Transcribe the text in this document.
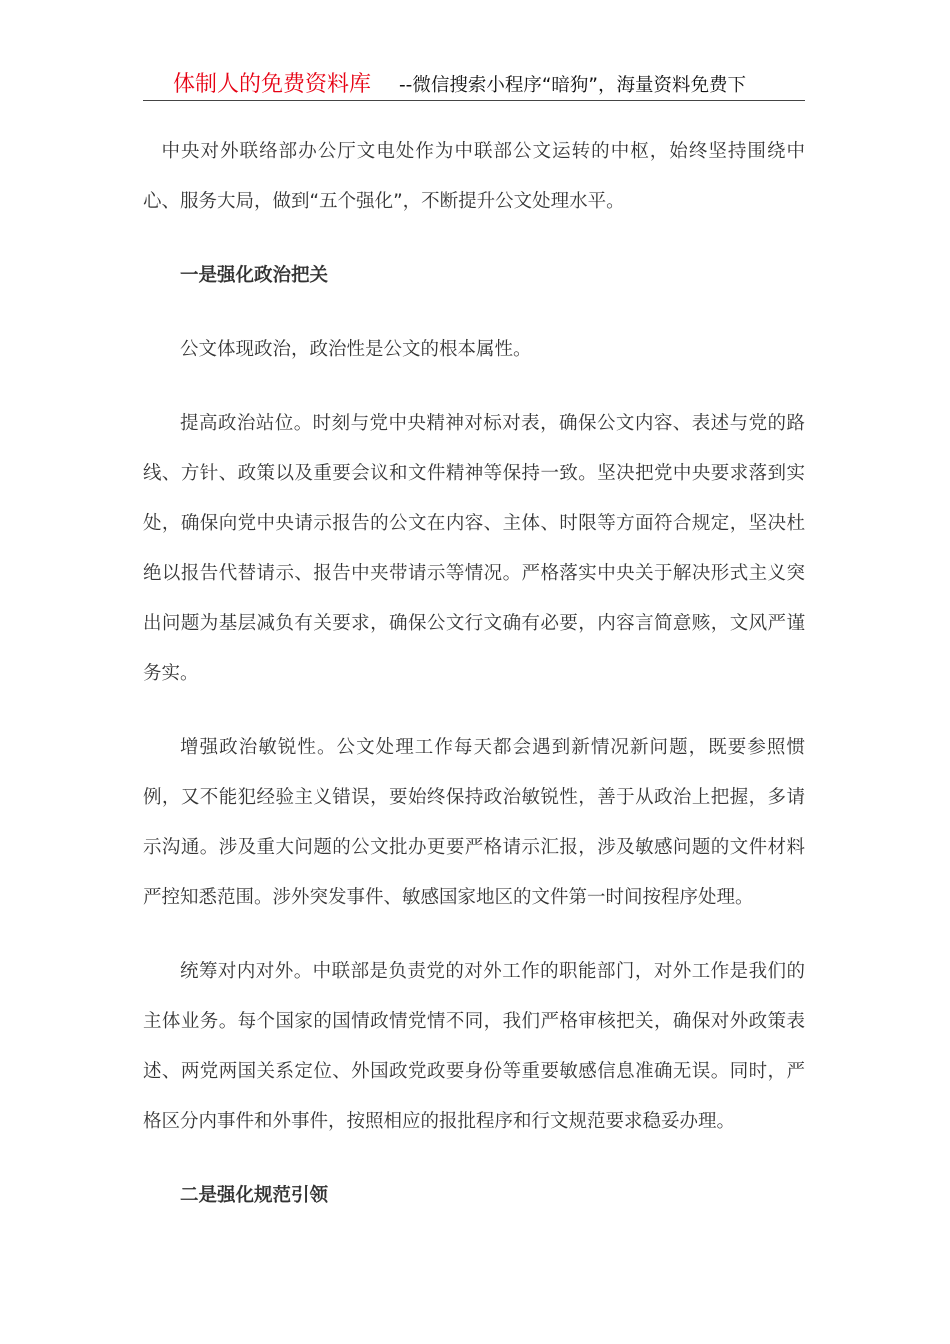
体制人的免费资料库 --微信搜索小程序“暗狗”，海量资料免费下

中央对外联络部办公厅文电处作为中联部公文运转的中枢，始终坚持围绕中心、服务大局，做到“五个强化”，不断提升公文处理水平。

一是强化政治把关

公文体现政治，政治性是公文的根本属性。

提高政治站位。时刻与党中央精神对标对表，确保公文内容、表述与党的路线、方针、政策以及重要会议和文件精神等保持一致。坚决把党中央要求落到实处，确保向党中央请示报告的公文在内容、主体、时限等方面符合规定，坚决杜绝以报告代替请示、报告中夹带请示等情况。严格落实中央关于解决形式主义突出问题为基层减负有关要求，确保公文行文确有必要，内容言简意赅，文风严谨务实。

增强政治敏锐性。公文处理工作每天都会遇到新情况新问题，既要参照惯例，又不能犯经验主义错误，要始终保持政治敏锐性，善于从政治上把握，多请示沟通。涉及重大问题的公文批办更要严格请示汇报，涉及敏感问题的文件材料严控知悉范围。涉外突发事件、敏感国家地区的文件第一时间按程序处理。

统筹对内对外。中联部是负责党的对外工作的职能部门，对外工作是我们的主体业务。每个国家的国情政情党情不同，我们严格审核把关，确保对外政策表述、两党两国关系定位、外国政党政要身份等重要敏感信息准确无误。同时，严格区分内事件和外事件，按照相应的报批程序和行文规范要求稳妥办理。

二是强化规范引领
